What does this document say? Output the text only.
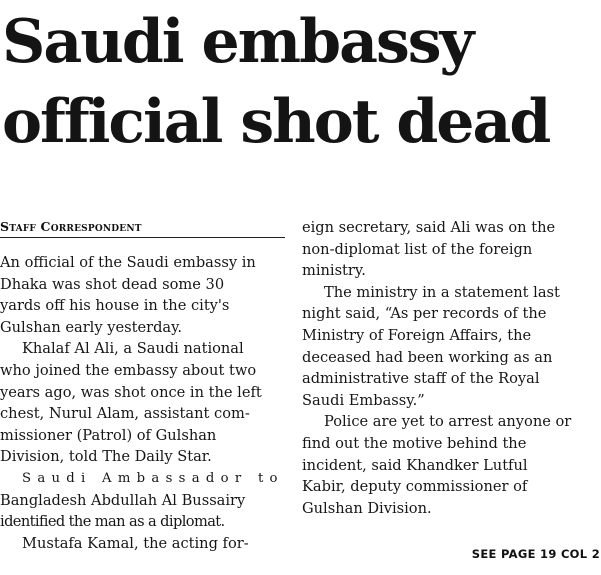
Saudi embassy
official shot dead
Staff Correspondent
An official of the Saudi embassy in
Dhaka was shot dead some 30
yards off his house in the city's
Gulshan early yesterday.
Khalaf Al Ali, a Saudi national
who joined the embassy about two
years ago, was shot once in the left
chest, Nurul Alam, assistant com-
missioner (Patrol) of Gulshan
Division, told The Daily Star.
Saudi Ambassador to
Bangladesh Abdullah Al Bussairy
identified the man as a diplomat.
Mustafa Kamal, the acting for-
eign secretary, said Ali was on the
non-diplomat list of the foreign
ministry.
The ministry in a statement last
night said, “As per records of the
Ministry of Foreign Affairs, the
deceased had been working as an
administrative staff of the Royal
Saudi Embassy.”
Police are yet to arrest anyone or
find out the motive behind the
incident, said Khandker Lutful
Kabir, deputy commissioner of
Gulshan Division.
SEE PAGE 19 COL 2
